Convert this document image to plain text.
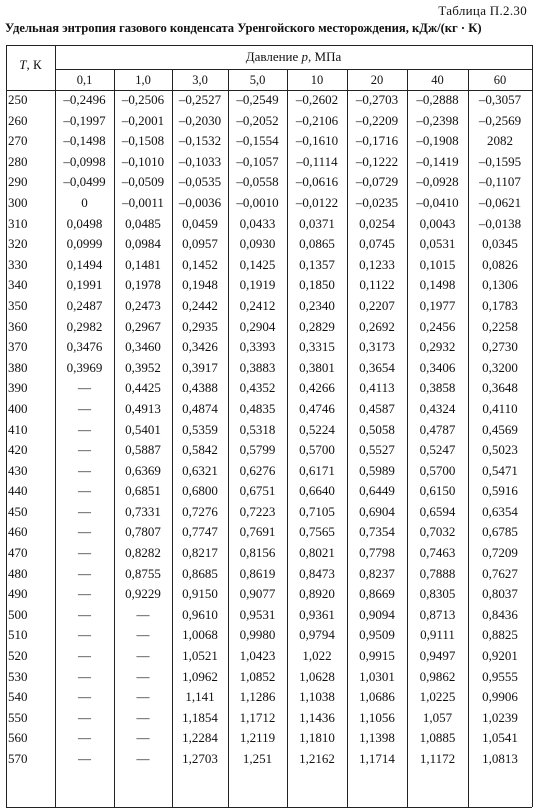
Таблица П.2.30
Удельная энтропия газового конденсата Уренгойского месторождения, кДж/(кг · К)
T, К
Давление p, МПа
0,1	1,0	3,0	5,0	10	20	40	60
250	–0,2496	–0,2506	–0,2527	–0,2549	–0,2602	–0,2703	–0,2888	–0,3057
260	–0,1997	–0,2001	–0,2030	–0,2052	–0,2106	–0,2209	–0,2398	–0,2569
270	–0,1498	–0,1508	–0,1532	–0,1554	–0,1610	–0,1716	–0,1908	2082
280	–0,0998	–0,1010	–0,1033	–0,1057	–0,1114	–0,1222	–0,1419	–0,1595
290	–0,0499	–0,0509	–0,0535	–0,0558	–0,0616	–0,0729	–0,0928	–0,1107
300	0	–0,0011	–0,0036	–0,0010	–0,0122	–0,0235	–0,0410	–0,0621
310	0,0498	0,0485	0,0459	0,0433	0,0371	0,0254	0,0043	–0,0138
320	0,0999	0,0984	0,0957	0,0930	0,0865	0,0745	0,0531	0,0345
330	0,1494	0,1481	0,1452	0,1425	0,1357	0,1233	0,1015	0,0826
340	0,1991	0,1978	0,1948	0,1919	0,1850	0,1122	0,1498	0,1306
350	0,2487	0,2473	0,2442	0,2412	0,2340	0,2207	0,1977	0,1783
360	0,2982	0,2967	0,2935	0,2904	0,2829	0,2692	0,2456	0,2258
370	0,3476	0,3460	0,3426	0,3393	0,3315	0,3173	0,2932	0,2730
380	0,3969	0,3952	0,3917	0,3883	0,3801	0,3654	0,3406	0,3200
390	—	0,4425	0,4388	0,4352	0,4266	0,4113	0,3858	0,3648
400	—	0,4913	0,4874	0,4835	0,4746	0,4587	0,4324	0,4110
410	—	0,5401	0,5359	0,5318	0,5224	0,5058	0,4787	0,4569
420	—	0,5887	0,5842	0,5799	0,5700	0,5527	0,5247	0,5023
430	—	0,6369	0,6321	0,6276	0,6171	0,5989	0,5700	0,5471
440	—	0,6851	0,6800	0,6751	0,6640	0,6449	0,6150	0,5916
450	—	0,7331	0,7276	0,7223	0,7105	0,6904	0,6594	0,6354
460	—	0,7807	0,7747	0,7691	0,7565	0,7354	0,7032	0,6785
470	—	0,8282	0,8217	0,8156	0,8021	0,7798	0,7463	0,7209
480	—	0,8755	0,8685	0,8619	0,8473	0,8237	0,7888	0,7627
490	—	0,9229	0,9150	0,9077	0,8920	0,8669	0,8305	0,8037
500	—	—	0,9610	0,9531	0,9361	0,9094	0,8713	0,8436
510	—	—	1,0068	0,9980	0,9794	0,9509	0,9111	0,8825
520	—	—	1,0521	1,0423	1,022	0,9915	0,9497	0,9201
530	—	—	1,0962	1,0852	1,0628	1,0301	0,9862	0,9555
540	—	—	1,141	1,1286	1,1038	1,0686	1,0225	0,9906
550	—	—	1,1854	1,1712	1,1436	1,1056	1,057	1,0239
560	—	—	1,2284	1,2119	1,1810	1,1398	1,0885	1,0541
570	—	—	1,2703	1,251	1,2162	1,1714	1,1172	1,0813
